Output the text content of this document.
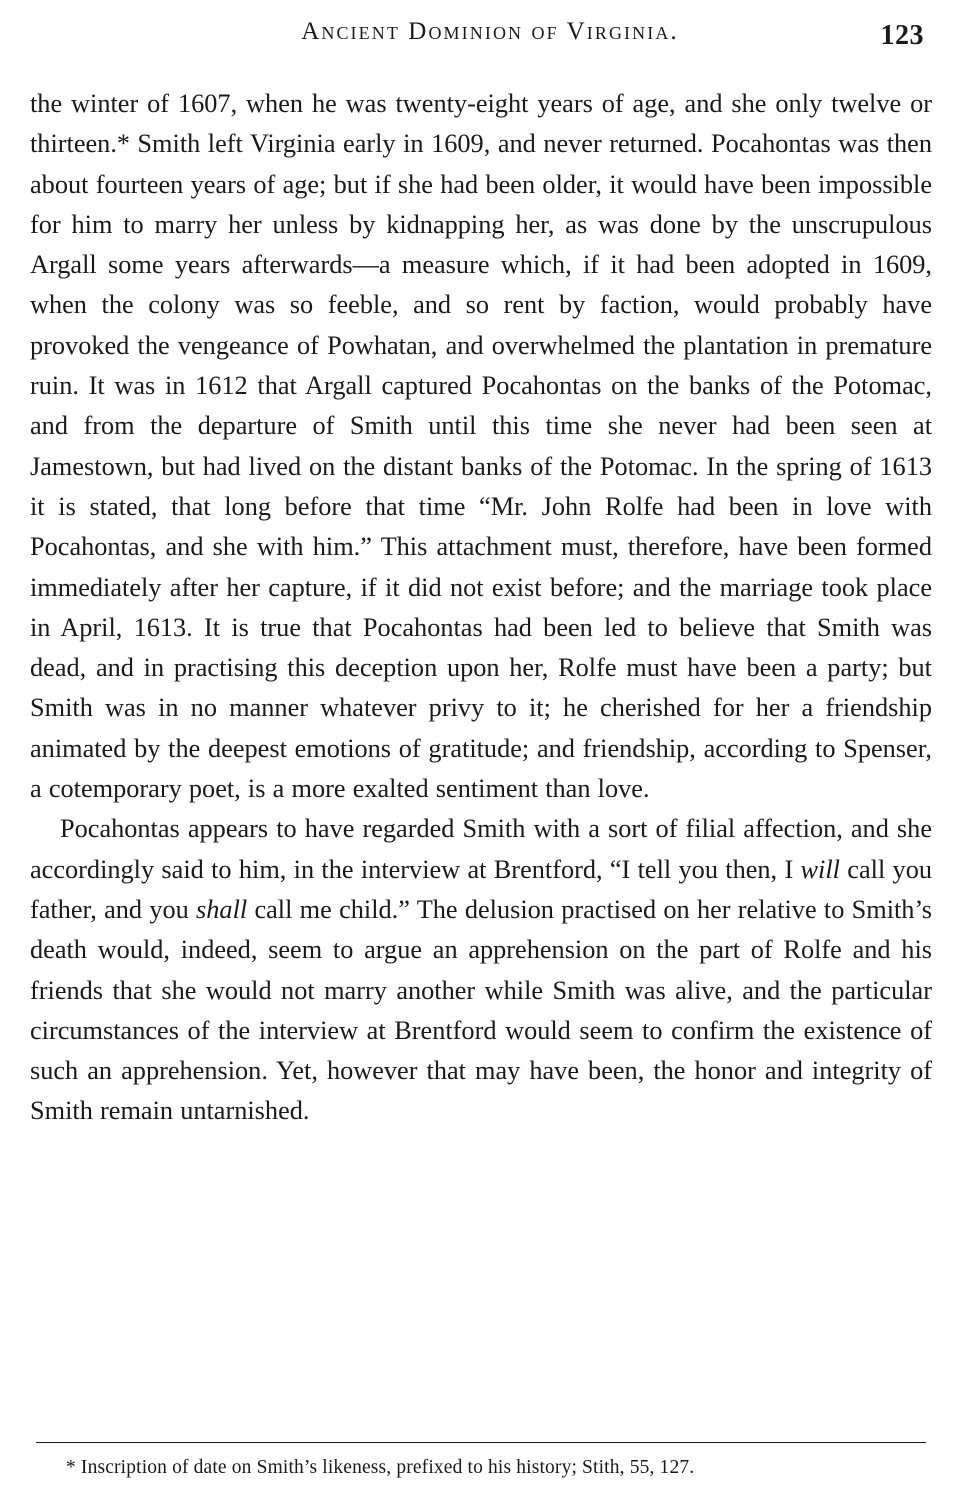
Ancient Dominion of Virginia.	123

the winter of 1607, when he was twenty-eight years of age, and she only twelve or thirteen.* Smith left Virginia early in 1609, and never returned. Pocahontas was then about fourteen years of age; but if she had been older, it would have been impossible for him to marry her unless by kidnapping her, as was done by the unscrupulous Argall some years afterwards—a measure which, if it had been adopted in 1609, when the colony was so feeble, and so rent by faction, would probably have provoked the vengeance of Powhatan, and overwhelmed the plantation in premature ruin. It was in 1612 that Argall captured Pocahontas on the banks of the Potomac, and from the departure of Smith until this time she never had been seen at Jamestown, but had lived on the distant banks of the Potomac. In the spring of 1613 it is stated, that long before that time “Mr. John Rolfe had been in love with Pocahontas, and she with him.” This attachment must, therefore, have been formed immediately after her capture, if it did not exist before; and the marriage took place in April, 1613. It is true that Pocahontas had been led to believe that Smith was dead, and in practising this deception upon her, Rolfe must have been a party; but Smith was in no manner whatever privy to it; he cherished for her a friendship animated by the deepest emotions of gratitude; and friendship, according to Spenser, a cotemporary poet, is a more exalted sentiment than love.

Pocahontas appears to have regarded Smith with a sort of filial affection, and she accordingly said to him, in the interview at Brentford, “I tell you then, I will call you father, and you shall call me child.” The delusion practised on her relative to Smith’s death would, indeed, seem to argue an apprehension on the part of Rolfe and his friends that she would not marry another while Smith was alive, and the particular circumstances of the interview at Brentford would seem to confirm the existence of such an apprehension. Yet, however that may have been, the honor and integrity of Smith remain untarnished.

* Inscription of date on Smith’s likeness, prefixed to his history; Stith, 55, 127.
